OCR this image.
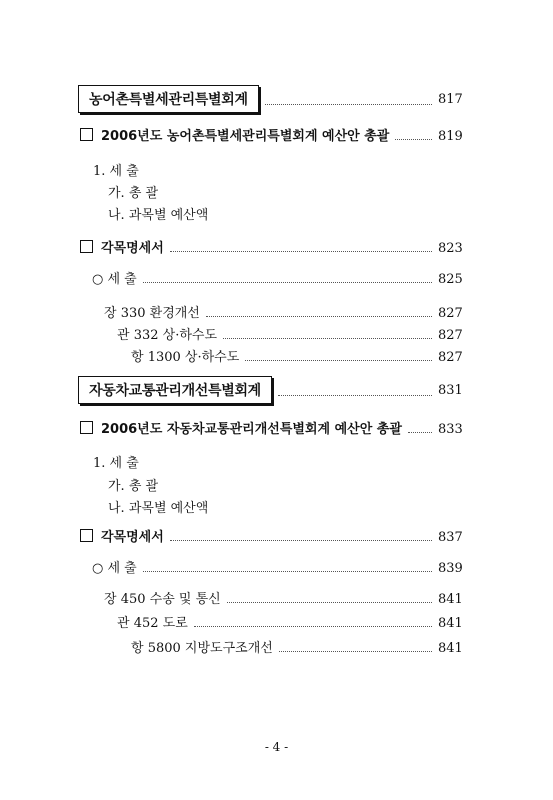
농어촌특별세관리특별회계	817
2006년도 농어촌특별세관리특별회계 예산안 총괄	819
1. 세 출
가. 총 괄
나. 과목별 예산액
각목명세서	823
○ 세 출	825
장 330 환경개선	827
관 332 상·하수도	827
항 1300 상·하수도	827
자동차교통관리개선특별회계	831
2006년도 자동차교통관리개선특별회계 예산안 총괄	833
1. 세 출
가. 총 괄
나. 과목별 예산액
각목명세서	837
○ 세 출	839
장 450 수송 및 통신	841
관 452 도로	841
항 5800 지방도구조개선	841
- 4 -
